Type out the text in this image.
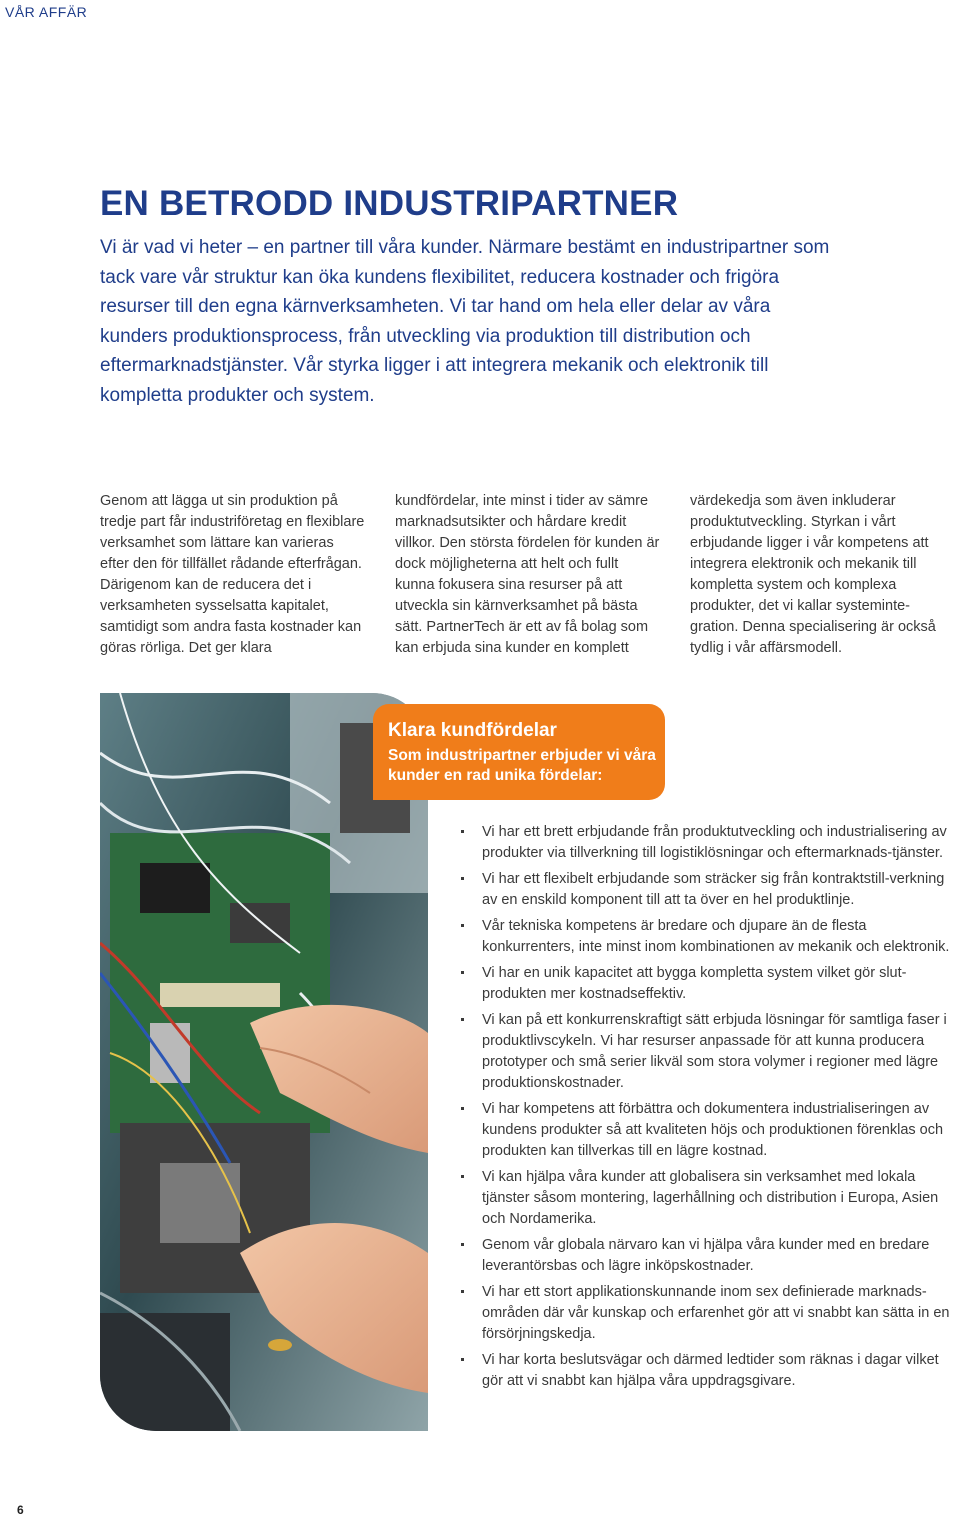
VÅR AFFÄR
EN BETRODD INDUSTRIPARTNER

Vi är vad vi heter – en partner till våra kunder. Närmare bestämt en industripartner som tack vare vår struktur kan öka kundens flexibilitet, reducera kostnader och frigöra resurser till den egna kärnverksamheten. Vi tar hand om hela eller delar av våra kunders produktionsprocess, från utveckling via produktion till distribution och eftermarknadstjänster. Vår styrka ligger i att integrera mekanik och elektronik till kompletta produkter och system.

Genom att lägga ut sin produktion på tredje part får industriföretag en flexiblare verksamhet som lättare kan varieras efter den för tillfället rådande efterfrågan. Därigenom kan de reducera det i verksamheten sysselsatta kapitalet, samtidigt som andra fasta kostnader kan göras rörliga. Det ger klara

kundfördelar, inte minst i tider av sämre marknadsutsikter och hårdare kredit villkor. Den största fördelen för kunden är dock möjligheterna att helt och fullt kunna fokusera sina resurser på att utveckla sin kärnverksamhet på bästa sätt. PartnerTech är ett av få bolag som kan erbjuda sina kunder en komplett

värdekedja som även inkluderar produktutveckling. Styrkan i vårt erbjudande ligger i vår kompetens att integrera elektronik och mekanik till kompletta system och komplexa produkter, det vi kallar systeminte-gration. Denna specialisering är också tydlig i vår affärsmodell.

Klara kundfördelar

Som industripartner erbjuder vi våra kunder en rad unika fördelar:

Vi har ett brett erbjudande från produktutveckling och industrialisering av produkter via tillverkning till logistiklösningar och eftermarknads-tjänster.
Vi har ett flexibelt erbjudande som sträcker sig från kontraktstill-verkning av en enskild komponent till att ta över en hel produktlinje.
Vår tekniska kompetens är bredare och djupare än de flesta konkurrenters, inte minst inom kombinationen av mekanik och elektronik.
Vi har en unik kapacitet att bygga kompletta system vilket gör slut-produkten mer kostnadseffektiv.
Vi kan på ett konkurrenskraftigt sätt erbjuda lösningar för samtliga faser i produktlivscykeln. Vi har resurser anpassade för att kunna producera prototyper och små serier likväl som stora volymer i regioner med lägre produktionskostnader.
Vi har kompetens att förbättra och dokumentera industrialiseringen av kundens produkter så att kvaliteten höjs och produktionen förenklas och produkten kan tillverkas till en lägre kostnad.
Vi kan hjälpa våra kunder att globalisera sin verksamhet med lokala tjänster såsom montering, lagerhållning och distribution i Europa, Asien och Nordamerika.
Genom vår globala närvaro kan vi hjälpa våra kunder med en bredare leverantörsbas och lägre inköpskostnader.
Vi har ett stort applikationskunnande inom sex definierade marknads-områden där vår kunskap och erfarenhet gör att vi snabbt kan sätta in en försörjningskedja.
Vi har korta beslutsvägar och därmed ledtider som räknas i dagar vilket gör att vi snabbt kan hjälpa våra uppdragsgivare.
6
